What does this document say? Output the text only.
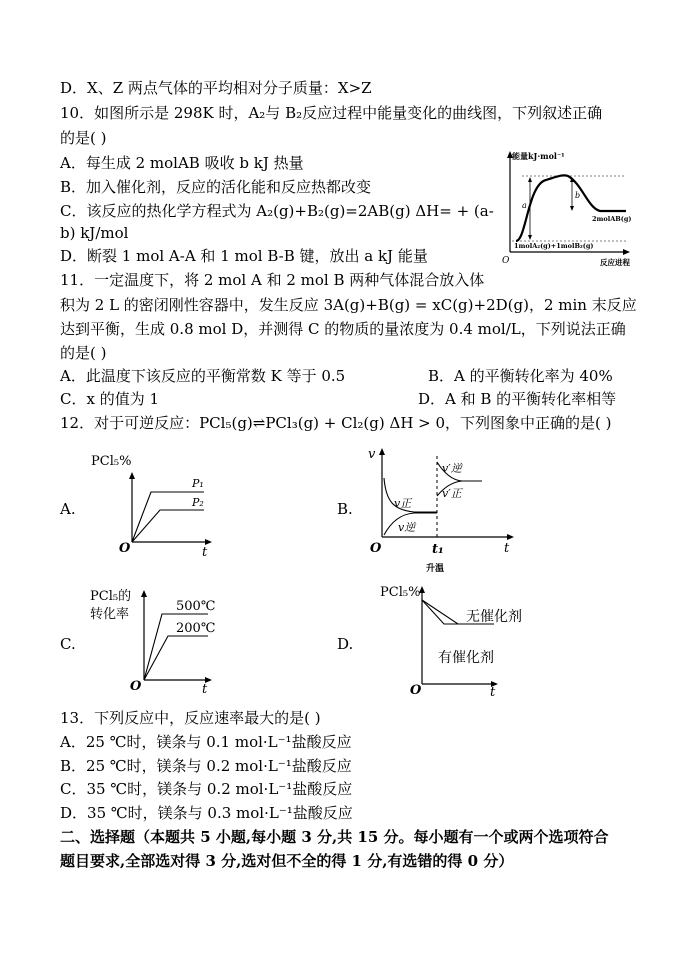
D．X、Z 两点气体的平均相对分子质量：X>Z
10．如图所示是 298K 时，A₂与 B₂反应过程中能量变化的曲线图，下列叙述正确
的是( )
A．每生成 2 molAB 吸收 b kJ 热量
B．加入催化剂，反应的活化能和反应热都改变
C．该反应的热化学方程式为 A₂(g)+B₂(g)=2AB(g) ΔH= + (a-
b) kJ/mol
D．断裂 1 mol A-A 和 1 mol B-B 键，放出 a kJ 能量
能量kJ·mol⁻¹
O	反应进程
a
b
2molAB(g)
1molA₂(g)+1molB₂(g)
11．一定温度下，将 2 mol A 和 2 mol B 两种气体混合放入体
积为 2 L 的密闭刚性容器中，发生反应 3A(g)+B(g) = xC(g)+2D(g)，2 min 末反应
达到平衡，生成 0.8 mol D，并测得 C 的物质的量浓度为 0.4 mol/L，下列说法正确
的是( )
A．此温度下该反应的平衡常数 K 等于 0.5	B．A 的平衡转化率为 40%
C．x 的值为 1	D．A 和 B 的平衡转化率相等
12．对于可逆反应：PCl₅(g)⇌PCl₃(g) + Cl₂(g) ΔH > 0，下列图象中正确的是( )
A.
PCl₅%
O	t
P₁
P₂	B.
v
O	t
v正
v逆
v′逆
v′正
t₁
升温
C.
PCl₅的
转化率
O	t
500℃
200℃
D.
PCl₅%
O	t
无催化剂
有催化剂
13．下列反应中，反应速率最大的是( )
A．25 ℃时，镁条与 0.1 mol·L⁻¹盐酸反应
B．25 ℃时，镁条与 0.2 mol·L⁻¹盐酸反应
C．35 ℃时，镁条与 0.2 mol·L⁻¹盐酸反应
D．35 ℃时，镁条与 0.3 mol·L⁻¹盐酸反应
二、选择题（本题共 5 小题,每小题 3 分,共 15 分。每小题有一个或两个选项符合
题目要求,全部选对得 3 分,选对但不全的得 1 分,有选错的得 0 分）
